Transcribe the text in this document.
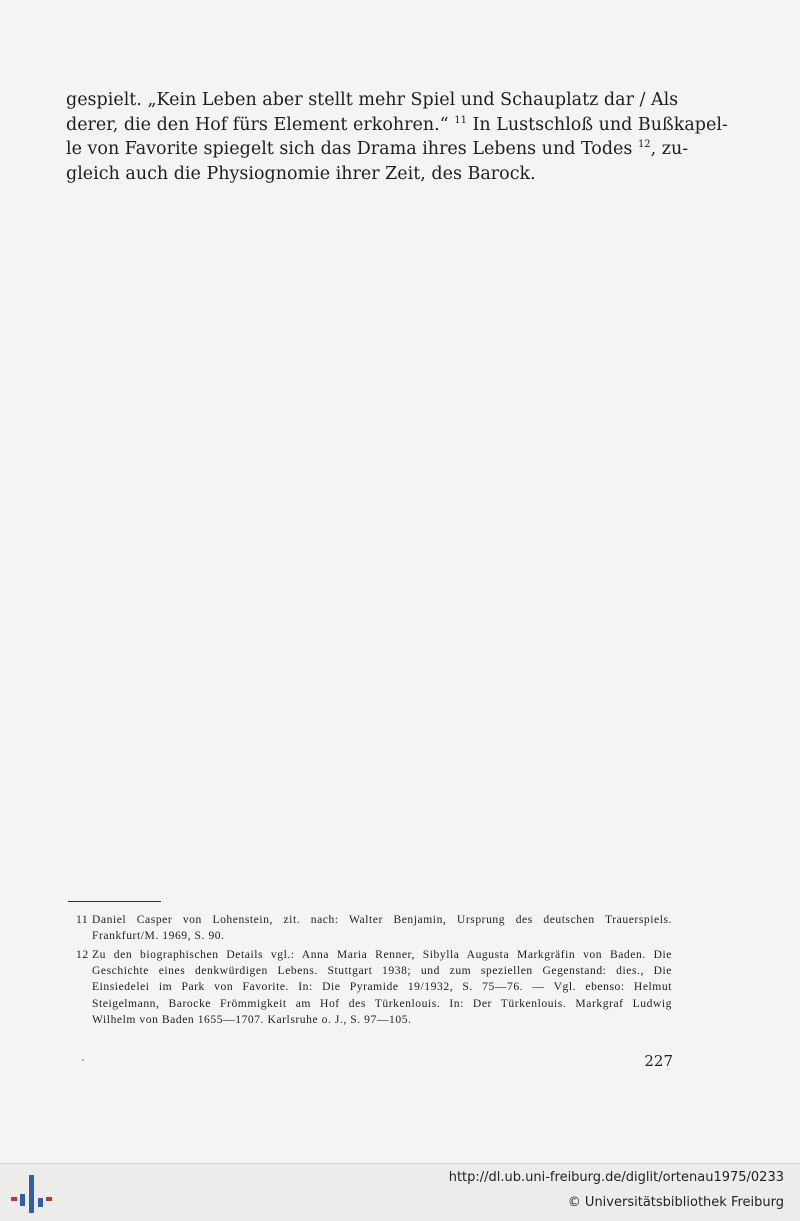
gespielt. „Kein Leben aber stellt mehr Spiel und Schauplatz dar / Als
derer, die den Hof fürs Element erkohren.“ $^{11}$ In Lustschloß und Bußkapel-
le von Favorite spiegelt sich das Drama ihres Lebens und Todes $^{12}$, zu-
gleich auch die Physiognomie ihrer Zeit, des Barock.
11 Daniel Casper von Lohenstein, zit. nach: Walter Benjamin, Ursprung des deutschen Trauerspiels.
Frankfurt/M. 1969, S. 90.
12 Zu den biographischen Details vgl.: Anna Maria Renner, Sibylla Augusta Markgräfin von Baden. Die
Geschichte eines denkwürdigen Lebens. Stuttgart 1938; und zum speziellen Gegenstand: dies., Die
Einsiedelei im Park von Favorite. In: Die Pyramide 19/1932, S. 75—76. — Vgl. ebenso: Helmut
Steigelmann, Barocke Frömmigkeit am Hof des Türkenlouis. In: Der Türkenlouis. Markgraf Ludwig
Wilhelm von Baden 1655—1707. Karlsruhe o. J., S. 97—105.
227
http://dl.ub.uni-freiburg.de/diglit/ortenau1975/0233
© Universitätsbibliothek Freiburg
